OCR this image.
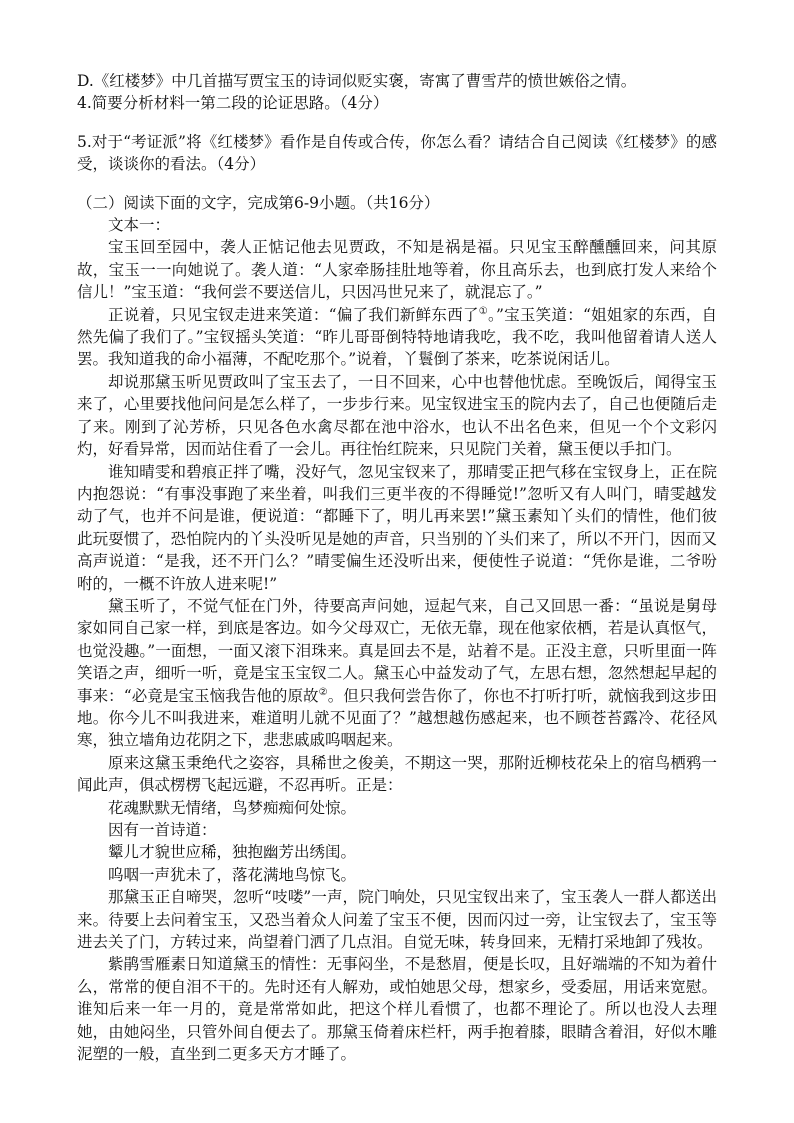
D.《红楼梦》中几首描写贾宝玉的诗词似贬实褒，寄寓了曹雪芹的愤世嫉俗之情。

4.简要分析材料一第二段的论证思路。（4分）

5.对于“考证派”将《红楼梦》看作是自传或合传，你怎么看？请结合自己阅读《红楼梦》的感受，谈谈你的看法。（4分）

（二）阅读下面的文字，完成第6-9小题。（共16分）

文本一：

宝玉回至园中，袭人正惦记他去见贾政，不知是祸是福。只见宝玉醉醺醺回来，问其原故，宝玉一一向她说了。袭人道：“人家牵肠挂肚地等着，你且高乐去，也到底打发人来给个信儿！”宝玉道：“我何尝不要送信儿，只因冯世兄来了，就混忘了。”

正说着，只见宝钗走进来笑道：“偏了我们新鲜东西了①。”宝玉笑道：“姐姐家的东西，自然先偏了我们了。”宝钗摇头笑道：“昨儿哥哥倒特特地请我吃，我不吃，我叫他留着请人送人罢。我知道我的命小福薄，不配吃那个。”说着，丫鬟倒了茶来，吃茶说闲话儿。

却说那黛玉听见贾政叫了宝玉去了，一日不回来，心中也替他忧虑。至晚饭后，闻得宝玉来了，心里要找他问问是怎么样了，一步步行来。见宝钗进宝玉的院内去了，自己也便随后走了来。刚到了沁芳桥，只见各色水禽尽都在池中浴水，也认不出名色来，但见一个个文彩闪灼，好看异常，因而站住看了一会儿。再往怡红院来，只见院门关着，黛玉便以手扣门。

谁知晴雯和碧痕正拌了嘴，没好气，忽见宝钗来了，那晴雯正把气移在宝钗身上，正在院内抱怨说：“有事没事跑了来坐着，叫我们三更半夜的不得睡觉!”忽听又有人叫门，晴雯越发动了气，也并不问是谁，便说道：“都睡下了，明儿再来罢!”黛玉素知丫头们的情性，他们彼此玩耍惯了，恐怕院内的丫头没听见是她的声音，只当别的丫头们来了，所以不开门，因而又高声说道：“是我，还不开门么？”晴雯偏生还没听出来，便使性子说道：“凭你是谁，二爷吩咐的，一概不许放人进来呢!”

黛玉听了，不觉气怔在门外，待要高声问她，逗起气来，自己又回思一番：“虽说是舅母家如同自己家一样，到底是客边。如今父母双亡，无依无靠，现在他家依栖，若是认真怄气，也觉没趣。”一面想，一面又滚下泪珠来。真是回去不是，站着不是。正没主意，只听里面一阵笑语之声，细听一听，竟是宝玉宝钗二人。黛玉心中益发动了气，左思右想，忽然想起早起的事来：“必竟是宝玉恼我告他的原故②。但只我何尝告你了，你也不打听打听，就恼我到这步田地。你今儿不叫我进来，难道明儿就不见面了？”越想越伤感起来，也不顾苍苔露冷、花径风寒，独立墙角边花阴之下，悲悲戚戚呜咽起来。

原来这黛玉秉绝代之姿容，具稀世之俊美，不期这一哭，那附近柳枝花朵上的宿鸟栖鸦一闻此声，俱忒楞楞飞起远避，不忍再听。正是：

花魂默默无情绪，鸟梦痴痴何处惊。

因有一首诗道：

颦儿才貌世应稀，独抱幽芳出绣闺。

呜咽一声犹未了，落花满地鸟惊飞。

那黛玉正自啼哭，忽听“吱喽”一声，院门响处，只见宝钗出来了，宝玉袭人一群人都送出来。待要上去问着宝玉，又恐当着众人问羞了宝玉不便，因而闪过一旁，让宝钗去了，宝玉等进去关了门，方转过来，尚望着门洒了几点泪。自觉无味，转身回来，无精打采地卸了残妆。

紫鹃雪雁素日知道黛玉的情性：无事闷坐，不是愁眉，便是长叹，且好端端的不知为着什么，常常的便自泪不干的。先时还有人解劝，或怕她思父母，想家乡，受委屈，用话来宽慰。谁知后来一年一月的，竟是常常如此，把这个样儿看惯了，也都不理论了。所以也没人去理她，由她闷坐，只管外间自便去了。那黛玉倚着床栏杆，两手抱着膝，眼睛含着泪，好似木雕泥塑的一般，直坐到二更多天方才睡了。
